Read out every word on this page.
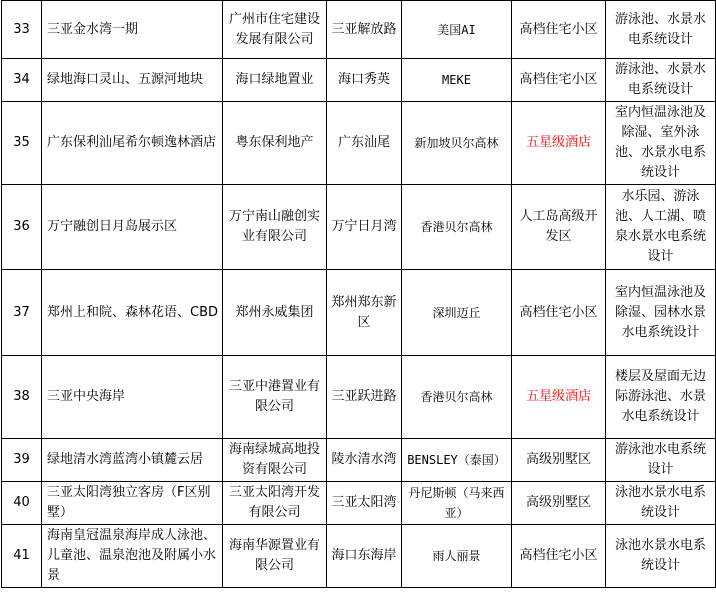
33	三亚金水湾一期	广州市住宅建设发展有限公司	三亚解放路	美国AI	高档住宅小区	游泳池、水景水电系统设计
34	绿地海口灵山、五源河地块	海口绿地置业	海口秀英	MEKE	高档住宅小区	游泳池、水景水电系统设计
35	广东保利汕尾希尔顿逸林酒店	粤东保利地产	广东汕尾	新加坡贝尔高林	五星级酒店	室内恒温泳池及除湿、室外泳池、水景水电系统设计
36	万宁融创日月岛展示区	万宁南山融创实业有限公司	万宁日月湾	香港贝尔高林	人工岛高级开发区	水乐园、游泳池、人工湖、喷泉水景水电系统设计
37	郑州上和院、森林花语、CBD	郑州永威集团	郑州郑东新区	深圳迈丘	高档住宅小区	室内恒温泳池及除湿、园林水景水电系统设计
38	三亚中央海岸	三亚中港置业有限公司	三亚跃进路	香港贝尔高林	五星级酒店	楼层及屋面无边际游泳池、水景水电系统设计
39	绿地清水湾蓝湾小镇麓云居	海南绿城高地投资有限公司	陵水清水湾	BENSLEY（泰国）	高级别墅区	游泳池水电系统设计
40	三亚太阳湾独立客房（F区别墅）	三亚太阳湾开发有限公司	三亚太阳湾	丹尼斯顿（马来西亚）	高级别墅区	泳池水景水电系统设计
41	海南皇冠温泉海岸成人泳池、儿童池、温泉泡池及附属小水景	海南华源置业有限公司	海口东海岸	雨人丽景	高档住宅小区	泳池水景水电系统设计
